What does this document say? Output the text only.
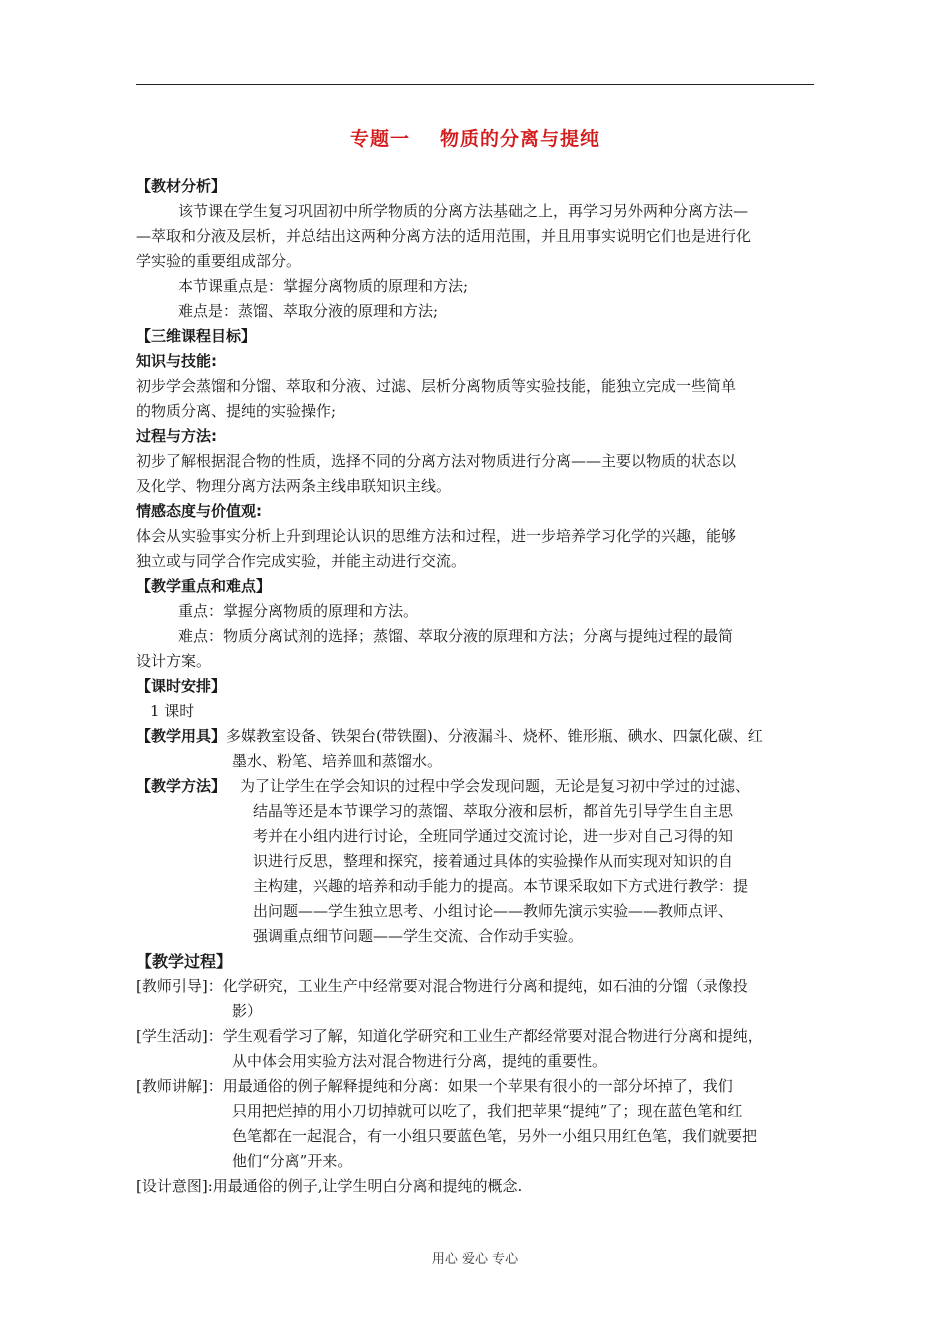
专题一 物质的分离与提纯
【教材分析】
该节课在学生复习巩固初中所学物质的分离方法基础之上，再学习另外两种分离方法—
—萃取和分液及层析，并总结出这两种分离方法的适用范围，并且用事实说明它们也是进行化
学实验的重要组成部分。
本节课重点是：掌握分离物质的原理和方法;
难点是：蒸馏、萃取分液的原理和方法;
【三维课程目标】
知识与技能:
初步学会蒸馏和分馏、萃取和分液、过滤、层析分离物质等实验技能，能独立完成一些简单
的物质分离、提纯的实验操作;
过程与方法:
初步了解根据混合物的性质，选择不同的分离方法对物质进行分离——主要以物质的状态以
及化学、物理分离方法两条主线串联知识主线。
情感态度与价值观:
体会从实验事实分析上升到理论认识的思维方法和过程，进一步培养学习化学的兴趣，能够
独立或与同学合作完成实验，并能主动进行交流。
【教学重点和难点】
重点：掌握分离物质的原理和方法。
难点：物质分离试剂的选择；蒸馏、萃取分液的原理和方法；分离与提纯过程的最简
设计方案。
【课时安排】
1 课时
【教学用具】多媒教室设备、铁架台(带铁圈)、分液漏斗、烧杯、锥形瓶、碘水、四氯化碳、红
墨水、粉笔、培养皿和蒸馏水。
【教学方法】 为了让学生在学会知识的过程中学会发现问题，无论是复习初中学过的过滤、
结晶等还是本节课学习的蒸馏、萃取分液和层析，都首先引导学生自主思
考并在小组内进行讨论，全班同学通过交流讨论，进一步对自己习得的知
识进行反思，整理和探究，接着通过具体的实验操作从而实现对知识的自
主构建，兴趣的培养和动手能力的提高。本节课采取如下方式进行教学：提
出问题——学生独立思考、小组讨论——教师先演示实验——教师点评、
强调重点细节问题——学生交流、合作动手实验。
【教学过程】
[教师引导]：化学研究，工业生产中经常要对混合物进行分离和提纯，如石油的分馏（录像投
影）
[学生活动]：学生观看学习了解，知道化学研究和工业生产都经常要对混合物进行分离和提纯，
从中体会用实验方法对混合物进行分离，提纯的重要性。
[教师讲解]：用最通俗的例子解释提纯和分离：如果一个苹果有很小的一部分坏掉了，我们
只用把烂掉的用小刀切掉就可以吃了，我们把苹果“提纯”了；现在蓝色笔和红
色笔都在一起混合，有一小组只要蓝色笔，另外一小组只用红色笔，我们就要把
他们“分离”开来。
[设计意图]:用最通俗的例子,让学生明白分离和提纯的概念.
用心 爱心 专心
